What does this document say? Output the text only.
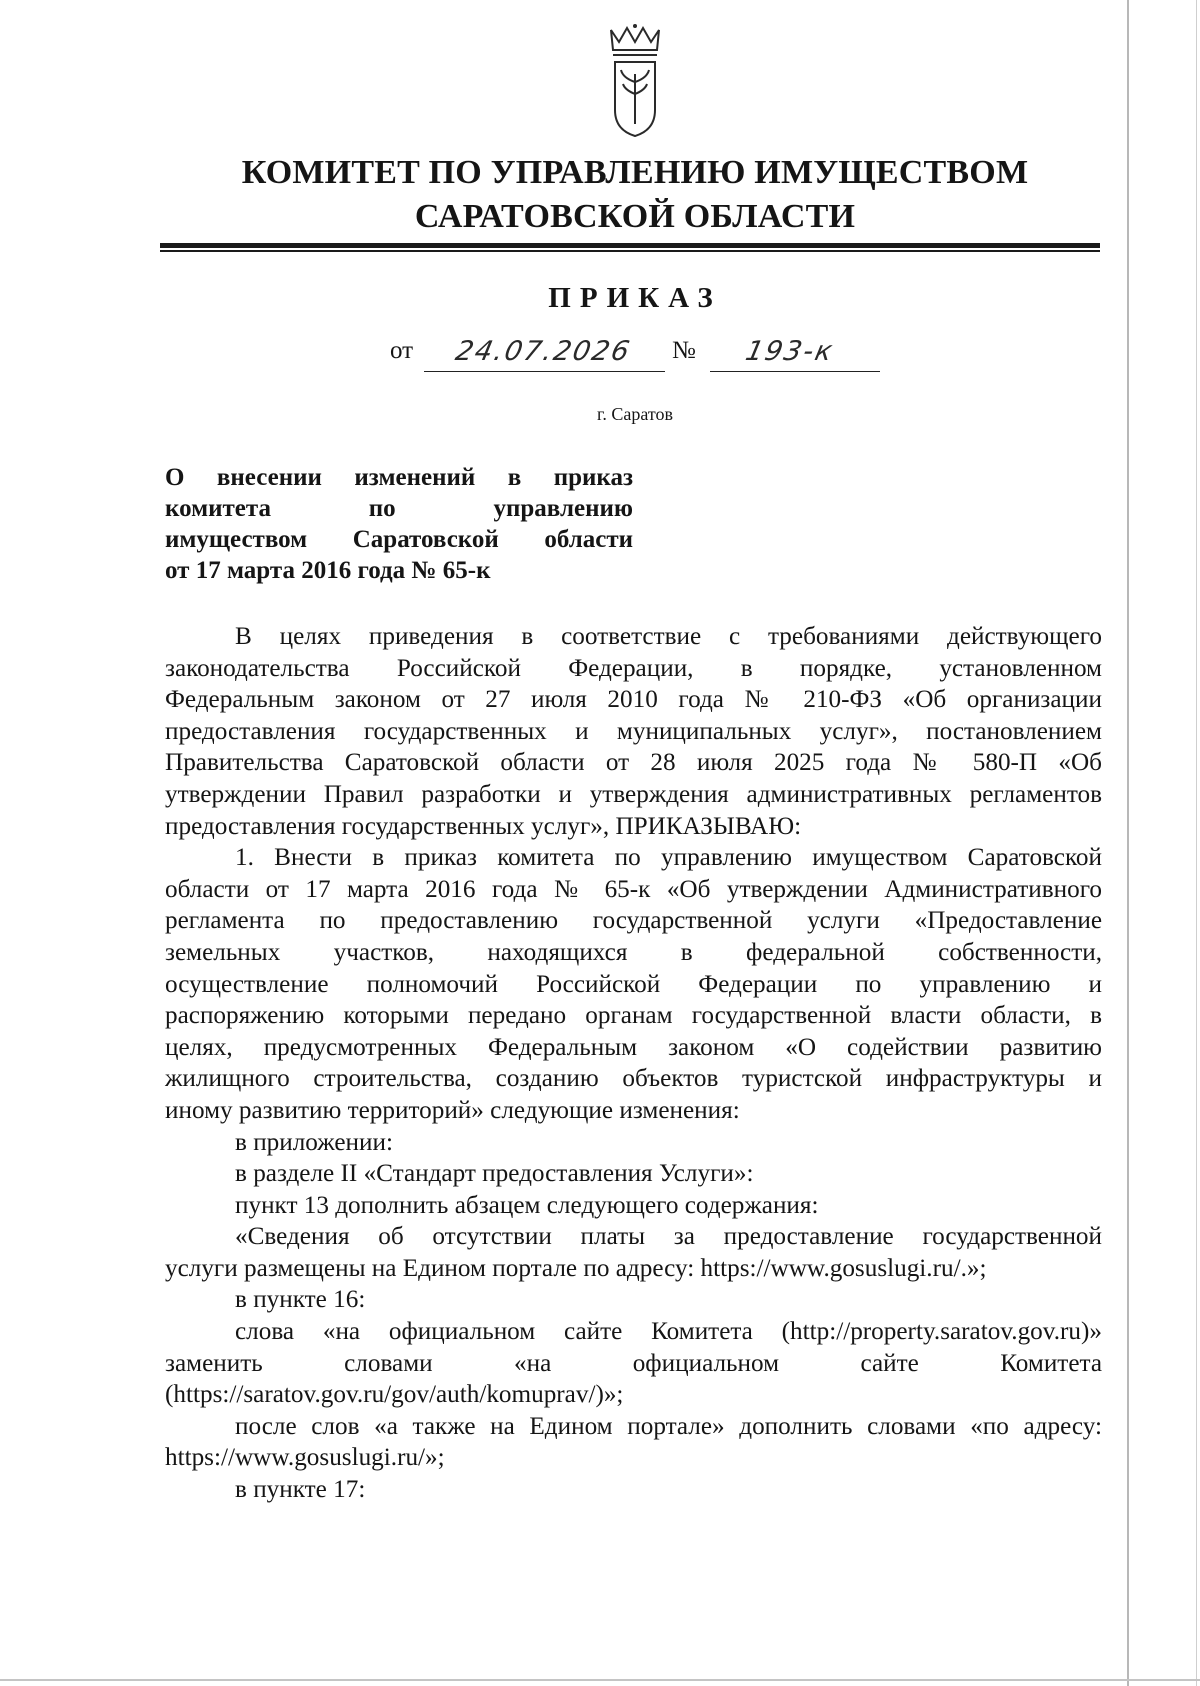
КОМИТЕТ ПО УПРАВЛЕНИЮ ИМУЩЕСТВОМ
САРАТОВСКОЙ ОБЛАСТИ
ПРИКАЗ
от 24.07.2026 № 193-к
г. Саратов
О внесении изменений в приказ
комитета по управлению
имуществом Саратовской области
от 17 марта 2016 года № 65-к
В целях приведения в соответствие с требованиями действующего
законодательства Российской Федерации, в порядке, установленном
Федеральным законом от 27 июля 2010 года № 210-ФЗ «Об организации
предоставления государственных и муниципальных услуг», постановлением
Правительства Саратовской области от 28 июля 2025 года № 580-П «Об
утверждении Правил разработки и утверждения административных регламентов
предоставления государственных услуг», ПРИКАЗЫВАЮ:
1. Внести в приказ комитета по управлению имуществом Саратовской
области от 17 марта 2016 года № 65-к «Об утверждении Административного
регламента по предоставлению государственной услуги «Предоставление
земельных участков, находящихся в федеральной собственности,
осуществление полномочий Российской Федерации по управлению и
распоряжению которыми передано органам государственной власти области, в
целях, предусмотренных Федеральным законом «О содействии развитию
жилищного строительства, созданию объектов туристской инфраструктуры и
иному развитию территорий» следующие изменения:
в приложении:
в разделе II «Стандарт предоставления Услуги»:
пункт 13 дополнить абзацем следующего содержания:
«Сведения об отсутствии платы за предоставление государственной
услуги размещены на Едином портале по адресу: https://www.gosuslugi.ru/.»;
в пункте 16:
слова «на официальном сайте Комитета (http://property.saratov.gov.ru)»
заменить словами «на официальном сайте Комитета
(https://saratov.gov.ru/gov/auth/komuprav/)»;
после слов «а также на Едином портале» дополнить словами «по адресу:
https://www.gosuslugi.ru/»;
в пункте 17:
